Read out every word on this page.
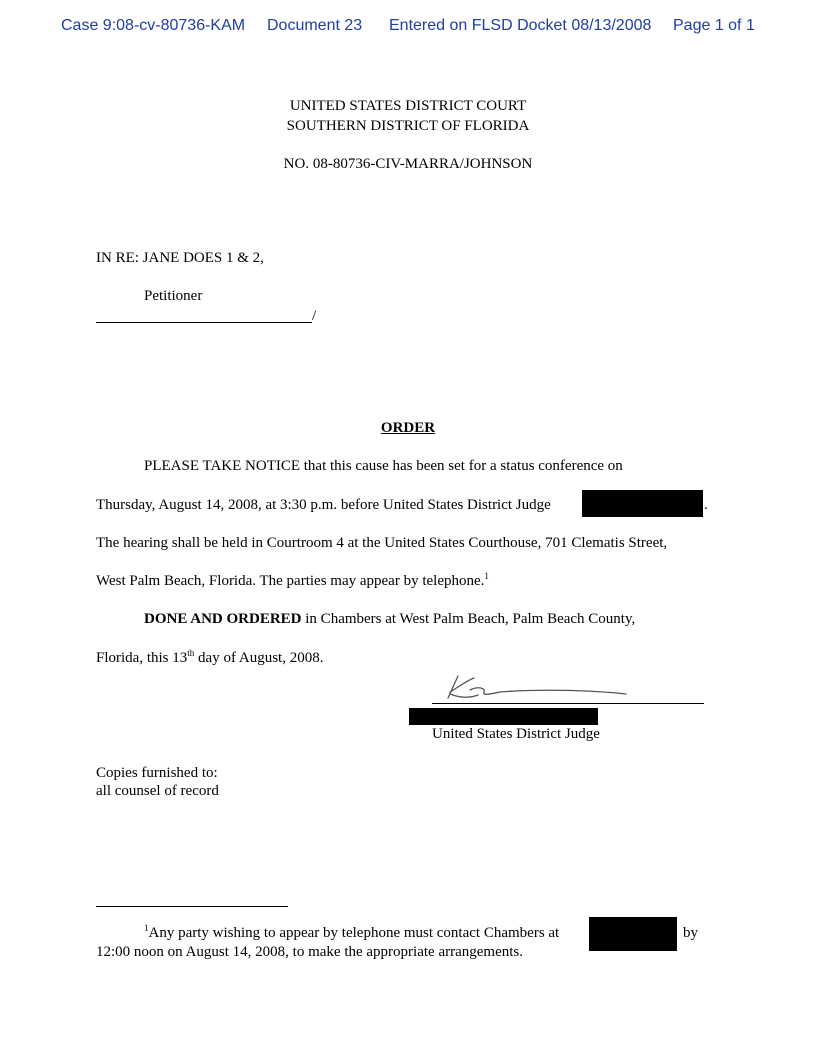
Case 9:08-cv-80736-KAM Document 23 Entered on FLSD Docket 08/13/2008 Page 1 of 1
UNITED STATES DISTRICT COURT
SOUTHERN DISTRICT OF FLORIDA
NO. 08-80736-CIV-MARRA/JOHNSON
IN RE: JANE DOES 1 & 2,
Petitioner
/
ORDER
PLEASE TAKE NOTICE that this cause has been set for a status conference on
Thursday, August 14, 2008, at 3:30 p.m. before United States District Judge	.
The hearing shall be held in Courtroom 4 at the United States Courthouse, 701 Clematis Street,
West Palm Beach, Florida. The parties may appear by telephone.$^1$
DONE AND ORDERED in Chambers at West Palm Beach, Palm Beach County,
Florida, this 13th day of August, 2008.
United States District Judge
Copies furnished to:
all counsel of record
$^1$Any party wishing to appear by telephone must contact Chambers at	by
12:00 noon on August 14, 2008, to make the appropriate arrangements.
